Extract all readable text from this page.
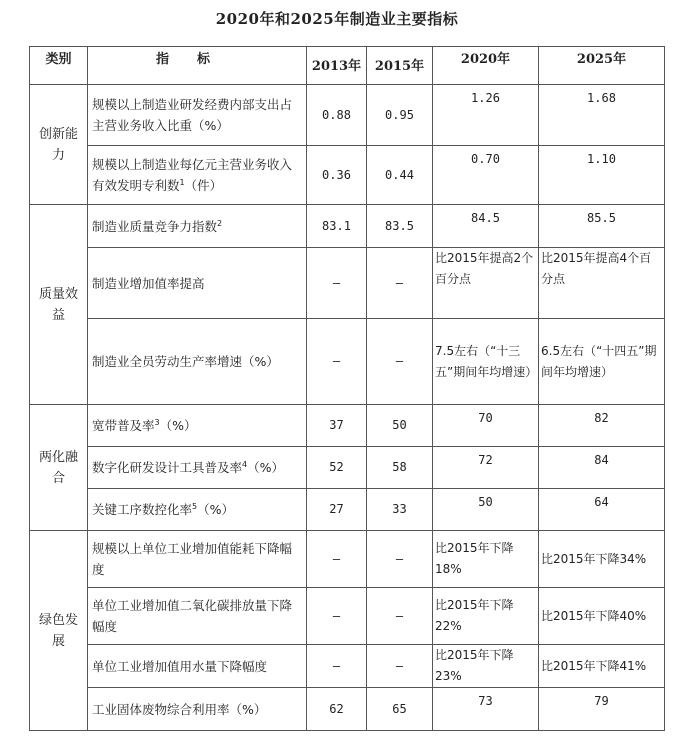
2020年和2025年制造业主要指标
类别	指标	2013年	2015年	2020年	2025年
创新能力	规模以上制造业研发经费内部支出占主营业务收入比重（%）	0.88	0.95	1.26	1.68
	规模以上制造业每亿元主营业务收入有效发明专利数$^1$（件）	0.36	0.44	0.70	1.10
质量效益	制造业质量竞争力指数$^2$	83.1	83.5	84.5	85.5
	制造业增加值率提高	–	–	比2015年提高2个百分点	比2015年提高4个百分点
	制造业全员劳动生产率增速（%）	–	–	7.5左右（“十三五”期间年均增速）	6.5左右（“十四五”期间年均增速）
两化融合	宽带普及率$^3$（%）	37	50	70	82
	数字化研发设计工具普及率$^4$（%）	52	58	72	84
	关键工序数控化率$^5$（%）	27	33	50	64
绿色发展	规模以上单位工业增加值能耗下降幅度	–	–	比2015年下降18%	比2015年下降34%
	单位工业增加值二氧化碳排放量下降幅度	–	–	比2015年下降22%	比2015年下降40%
	单位工业增加值用水量下降幅度	–	–	比2015年下降23%	比2015年下降41%
	工业固体废物综合利用率（%）	62	65	73	79
